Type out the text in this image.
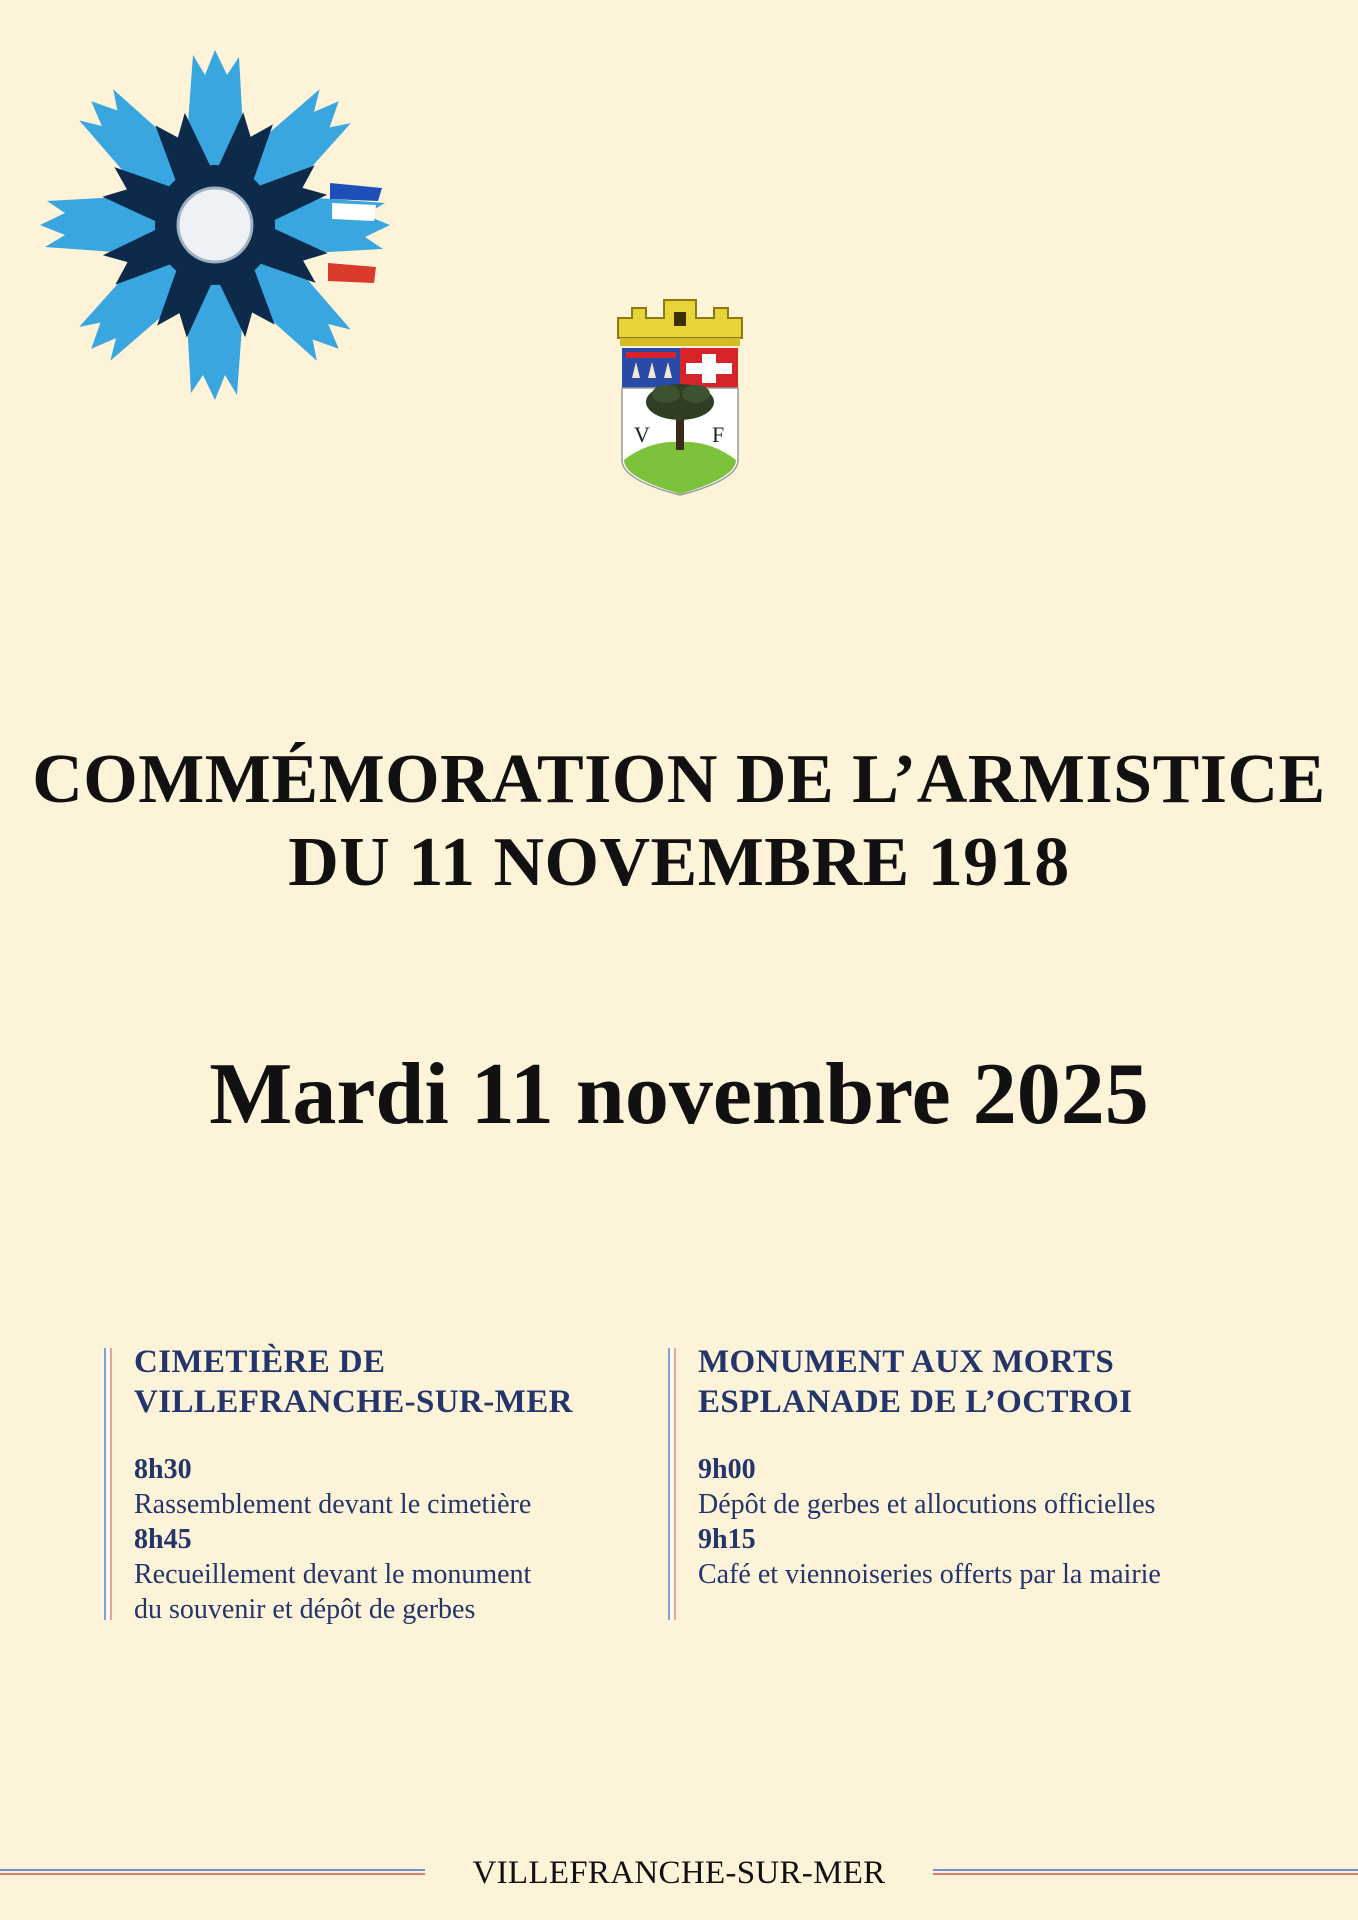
V	F
COMMÉMORATION DE L’ARMISTICE
DU 11 NOVEMBRE 1918
Mardi 11 novembre 2025
CIMETIÈRE DE
VILLEFRANCHE-SUR-MER
8h30
Rassemblement devant le cimetière
8h45
Recueillement devant le monument
du souvenir et dépôt de gerbes
MONUMENT AUX MORTS
ESPLANADE DE L’OCTROI
9h00
Dépôt de gerbes et allocutions officielles
9h15
Café et viennoiseries offerts par la mairie
VILLEFRANCHE-SUR-MER
